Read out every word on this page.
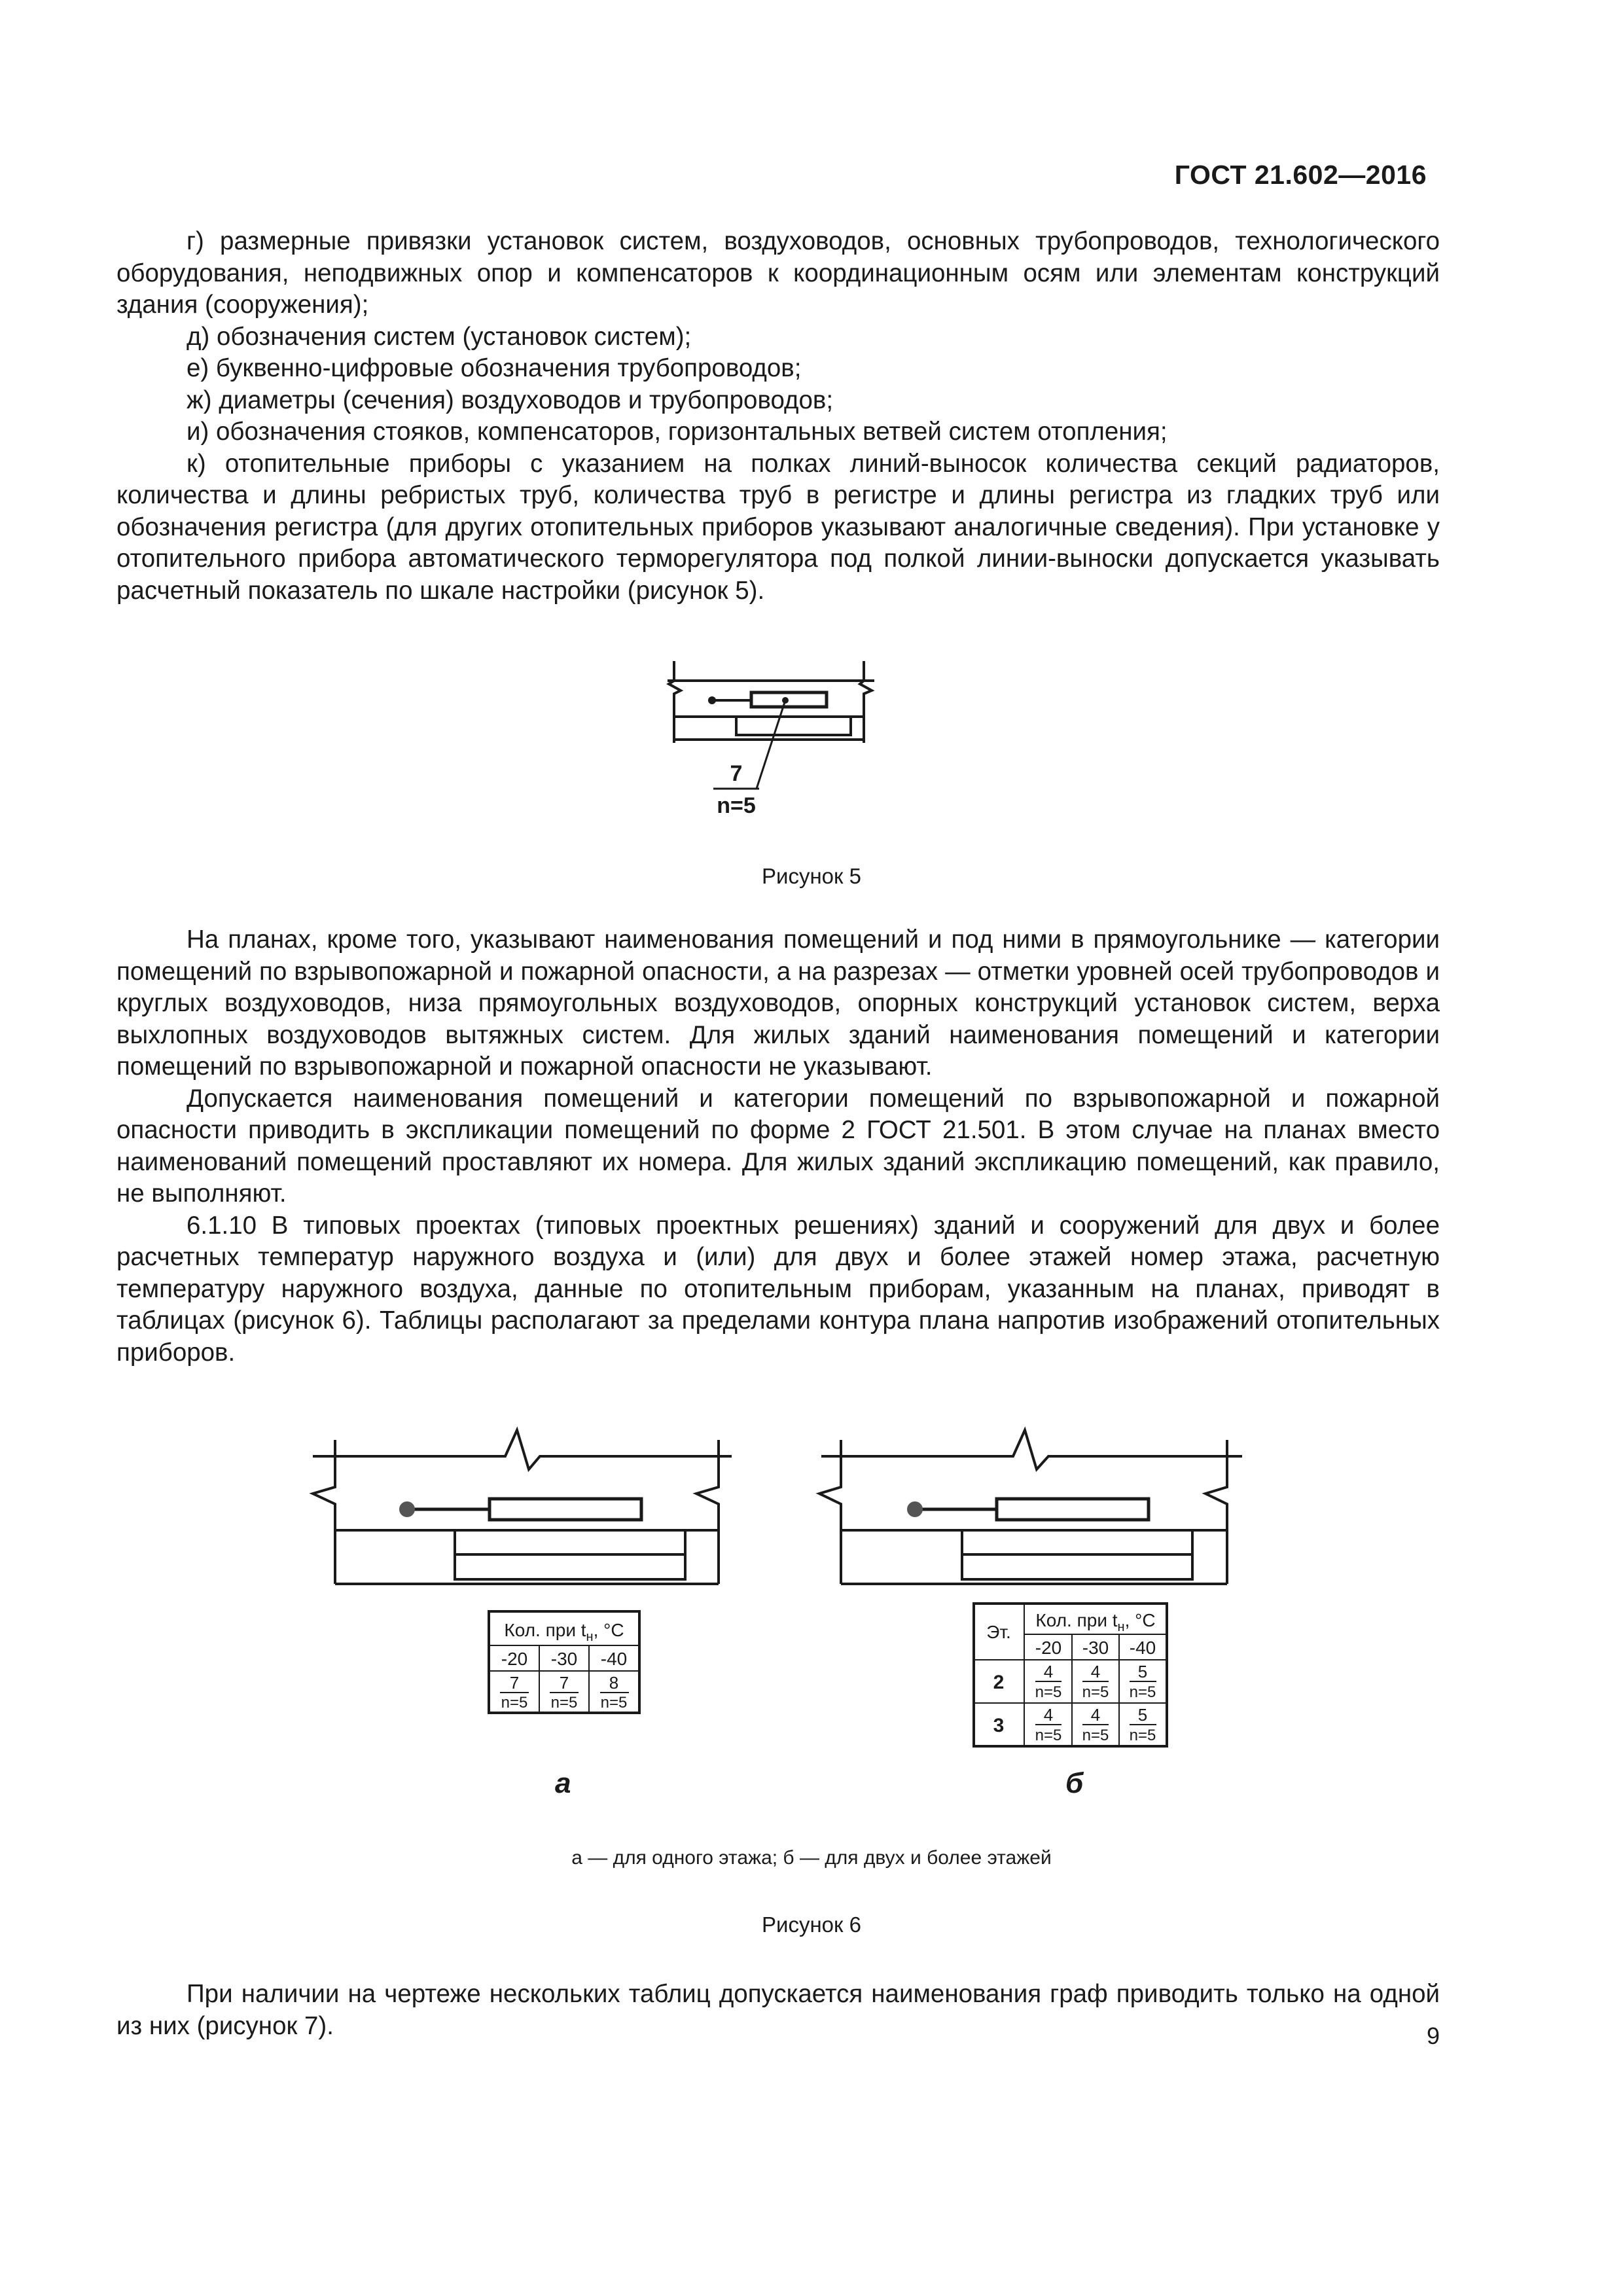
ГОСТ 21.602—2016

г) размерные привязки установок систем, воздуховодов, основных трубопроводов, технологического оборудования, неподвижных опор и компенсаторов к координационным осям или элементам конструкций здания (сооружения);

д) обозначения систем (установок систем);

е) буквенно-цифровые обозначения трубопроводов;

ж) диаметры (сечения) воздуховодов и трубопроводов;

и) обозначения стояков, компенсаторов, горизонтальных ветвей систем отопления;

к) отопительные приборы с указанием на полках линий-выносок количества секций радиаторов, количества и длины ребристых труб, количества труб в регистре и длины регистра из гладких труб или обозначения регистра (для других отопительных приборов указывают аналогичные сведения). При установке у отопительного прибора автоматического терморегулятора под полкой линии-выноски допускается указывать расчетный показатель по шкале настройки (рисунок 5).

7
n=5
Рисунок 5

На планах, кроме того, указывают наименования помещений и под ними в прямоугольнике — категории помещений по взрывопожарной и пожарной опасности, а на разрезах — отметки уровней осей трубопроводов и круглых воздуховодов, низа прямоугольных воздуховодов, опорных конструкций установок систем, верха выхлопных воздуховодов вытяжных систем. Для жилых зданий наименования помещений и категории помещений по взрывопожарной и пожарной опасности не указывают.

Допускается наименования помещений и категории помещений по взрывопожарной и пожарной опасности приводить в экспликации помещений по форме 2 ГОСТ 21.501. В этом случае на планах вместо наименований помещений проставляют их номера. Для жилых зданий экспликацию помещений, как правило, не выполняют.

6.1.10 В типовых проектах (типовых проектных решениях) зданий и сооружений для двух и более расчетных температур наружного воздуха и (или) для двух и более этажей номер этажа, расчетную температуру наружного воздуха, данные по отопительным приборам, указанным на планах, приводят в таблицах (рисунок 6). Таблицы располагают за пределами контура плана напротив изображений отопительных приборов.

Кол. при $t_н$, °С
-20 -30 -40
7 7 8
n=5 n=5 n=5
Эт.
Кол. при $t_н$, °С
-20 -30 -40
2 4 4 5
n=5 n=5 n=5
3 4 4 5
n=5 n=5 n=5
а	б
а — для одного этажа; б — для двух и более этажей
Рисунок 6

При наличии на чертеже нескольких таблиц допускается наименования граф приводить только на одной из них (рисунок 7).	9
